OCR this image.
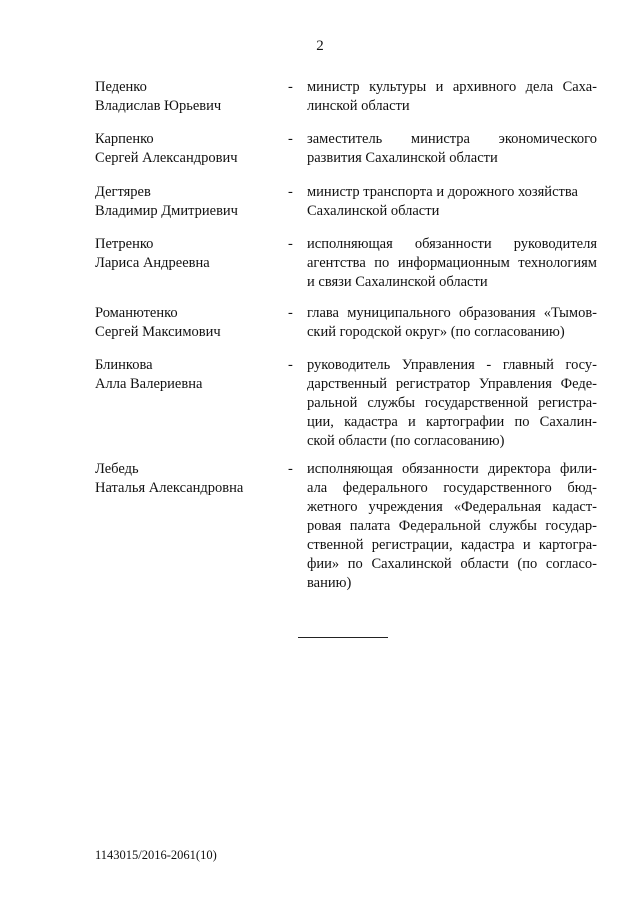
2
Педенко
Владислав Юрьевич
- министр культуры и архивного дела Саха-
линской области
Карпенко
Сергей Александрович
- заместитель министра экономического
развития Сахалинской области
Дегтярев
Владимир Дмитриевич
- министр транспорта и дорожного хозяйства
Сахалинской области
Петренко
Лариса Андреевна
- исполняющая обязанности руководителя
агентства по информационным технологиям
и связи Сахалинской области
Романютенко
Сергей Максимович
- глава муниципального образования «Тымов-
ский городской округ» (по согласованию)
Блинкова
Алла Валериевна
- руководитель Управления - главный госу-
дарственный регистратор Управления Феде-
ральной службы государственной регистра-
ции, кадастра и картографии по Сахалин-
ской области (по согласованию)
Лебедь
Наталья Александровна
- исполняющая обязанности директора фили-
ала федерального государственного бюд-
жетного учреждения «Федеральная кадаст-
ровая палата Федеральной службы государ-
ственной регистрации, кадастра и картогра-
фии» по Сахалинской области (по согласо-
ванию)
1143015/2016-2061(10)
